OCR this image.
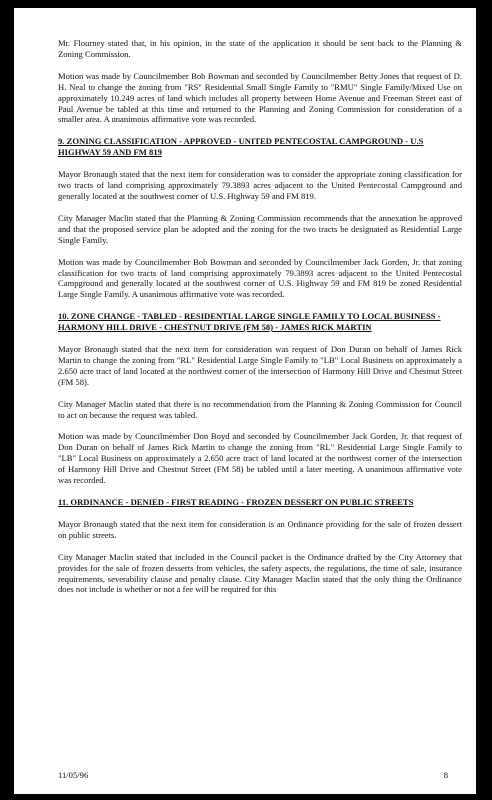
Mr. Flourney stated that, in his opinion, in the state of the application it should be sent back to the Planning & Zoning Commission.

Motion was made by Councilmember Bob Bowman and seconded by Councilmember Betty Jones that request of D. H. Neal to change the zoning from "RS" Residential Small Single Family to "RMU" Single Family/Mixed Use on approximately 10.249 acres of land which includes all property between Home Avenue and Freeman Street east of Paul Avenue be tabled at this time and returned to the Planning and Zoning Commission for consideration of a smaller area. A unanimous affirmative vote was recorded.

9. ZONING CLASSIFICATION - APPROVED - UNITED PENTECOSTAL CAMPGROUND - U.S HIGHWAY 59 AND FM 819

Mayor Bronaugh stated that the next item for consideration was to consider the appropriate zoning classification for two tracts of land comprising approximately 79.3893 acres adjacent to the United Pentecostal Campground and generally located at the southwest corner of U.S. Highway 59 and FM 819.

City Manager Maclin stated that the Planning & Zoning Commission recommends that the annexation be approved and that the proposed service plan be adopted and the zoning for the two tracts be designated as Residential Large Single Family.

Motion was made by Councilmember Bob Bowman and seconded by Councilmember Jack Gorden, Jr. that zoning classification for two tracts of land comprising approximately 79.3893 acres adjacent to the United Pentecostal Campground and generally located at the southwest corner of U.S. Highway 59 and FM 819 be zoned Residential Large Single Family. A unanimous affirmative vote was recorded.

10. ZONE CHANGE - TABLED - RESIDENTIAL LARGE SINGLE FAMILY TO LOCAL BUSINESS - HARMONY HILL DRIVE - CHESTNUT DRIVE (FM 58) - JAMES RICK MARTIN

Mayor Bronaugh stated that the next item for consideration was request of Don Duran on behalf of James Rick Martin to change the zoning from "RL" Residential Large Single Family to "LB" Local Business on approximately a 2.650 acre tract of land located at the northwest corner of the intersection of Harmony Hill Drive and Chestnut Street (FM 58).

City Manager Maclin stated that there is no recommendation from the Planning & Zoning Commission for Council to act on because the request was tabled.

Motion was made by Councilmember Don Boyd and seconded by Councilmember Jack Gorden, Jr. that request of Don Duran on behalf of James Rick Martin to change the zoning from "RL" Residential Large Single Family to "LB" Local Business on approximately a 2.650 acre tract of land located at the northwest corner of the intersection of Harmony Hill Drive and Chestnut Street (FM 58) be tabled until a later meeting. A unanimous affirmative vote was recorded.

11. ORDINANCE - DENIED - FIRST READING - FROZEN DESSERT ON PUBLIC STREETS

Mayor Bronaugh stated that the next item for consideration is an Ordinance providing for the sale of frozen dessert on public streets.

City Manager Maclin stated that included in the Council packet is the Ordinance drafted by the City Attorney that provides for the sale of frozen desserts from vehicles, the safety aspects, the regulations, the time of sale, insurance requirements, severability clause and penalty clause. City Manager Maclin stated that the only thing the Ordinance does not include is whether or not a fee will be required for this

11/05/96	8
